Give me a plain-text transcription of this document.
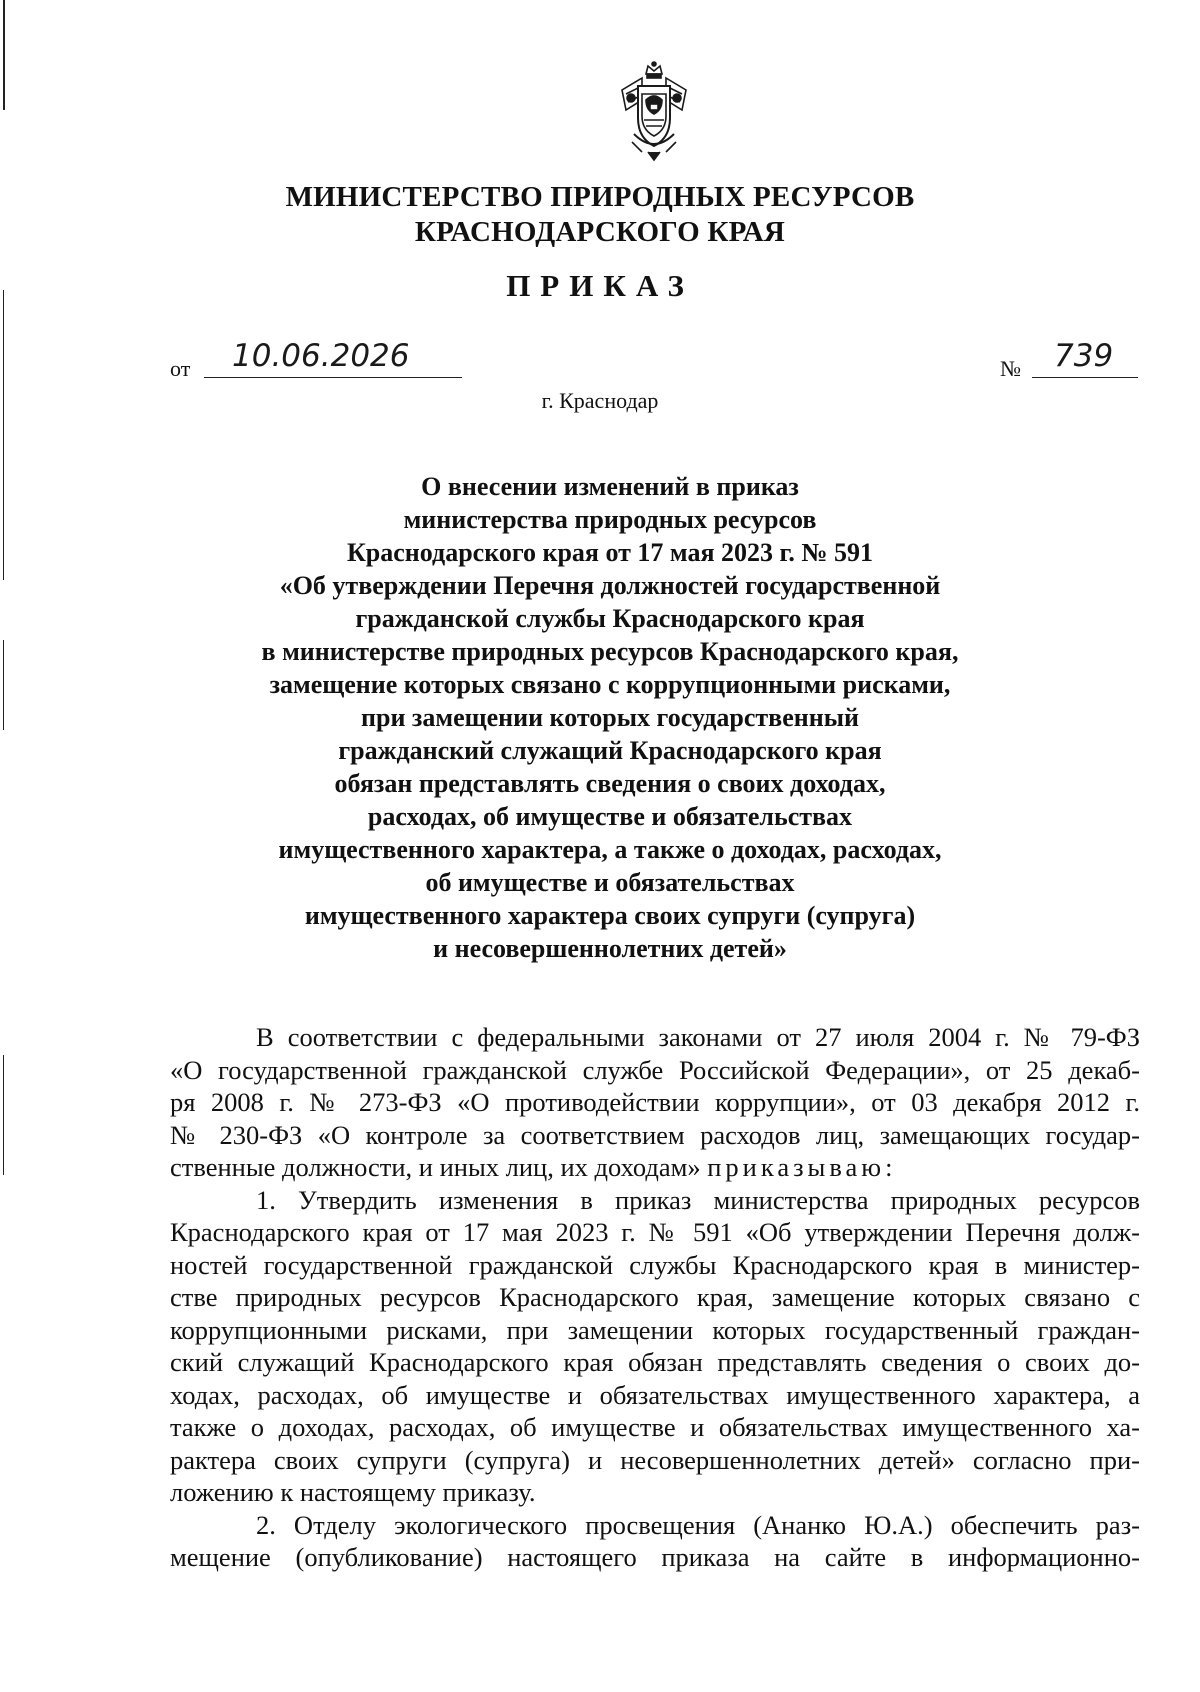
МИНИСТЕРСТВО ПРИРОДНЫХ РЕСУРСОВ
КРАСНОДАРСКОГО КРАЯ
ПРИКАЗ
от	10.06.2026	№	739
г. Краснодар
О внесении изменений в приказ
министерства природных ресурсов
Краснодарского края от 17 мая 2023 г. № 591
«Об утверждении Перечня должностей государственной
гражданской службы Краснодарского края
в министерстве природных ресурсов Краснодарского края,
замещение которых связано с коррупционными рисками,
при замещении которых государственный
гражданский служащий Краснодарского края
обязан представлять сведения о своих доходах,
расходах, об имуществе и обязательствах
имущественного характера, а также о доходах, расходах,
об имуществе и обязательствах
имущественного характера своих супруги (супруга)
и несовершеннолетних детей»
В соответствии с федеральными законами от 27 июля 2004 г. № 79-ФЗ
«О государственной гражданской службе Российской Федерации», от 25 декаб-
ря 2008 г. № 273-ФЗ «О противодействии коррупции», от 03 декабря 2012 г.
№ 230-ФЗ «О контроле за соответствием расходов лиц, замещающих государ-
ственные должности, и иных лиц, их доходам» приказываю:
1. Утвердить изменения в приказ министерства природных ресурсов
Краснодарского края от 17 мая 2023 г. № 591 «Об утверждении Перечня долж-
ностей государственной гражданской службы Краснодарского края в министер-
стве природных ресурсов Краснодарского края, замещение которых связано с
коррупционными рисками, при замещении которых государственный граждан-
ский служащий Краснодарского края обязан представлять сведения о своих до-
ходах, расходах, об имуществе и обязательствах имущественного характера, а
также о доходах, расходах, об имуществе и обязательствах имущественного ха-
рактера своих супруги (супруга) и несовершеннолетних детей» согласно при-
ложению к настоящему приказу.
2. Отделу экологического просвещения (Ананко Ю.А.) обеспечить раз-
мещение (опубликование) настоящего приказа на сайте в информационно-
